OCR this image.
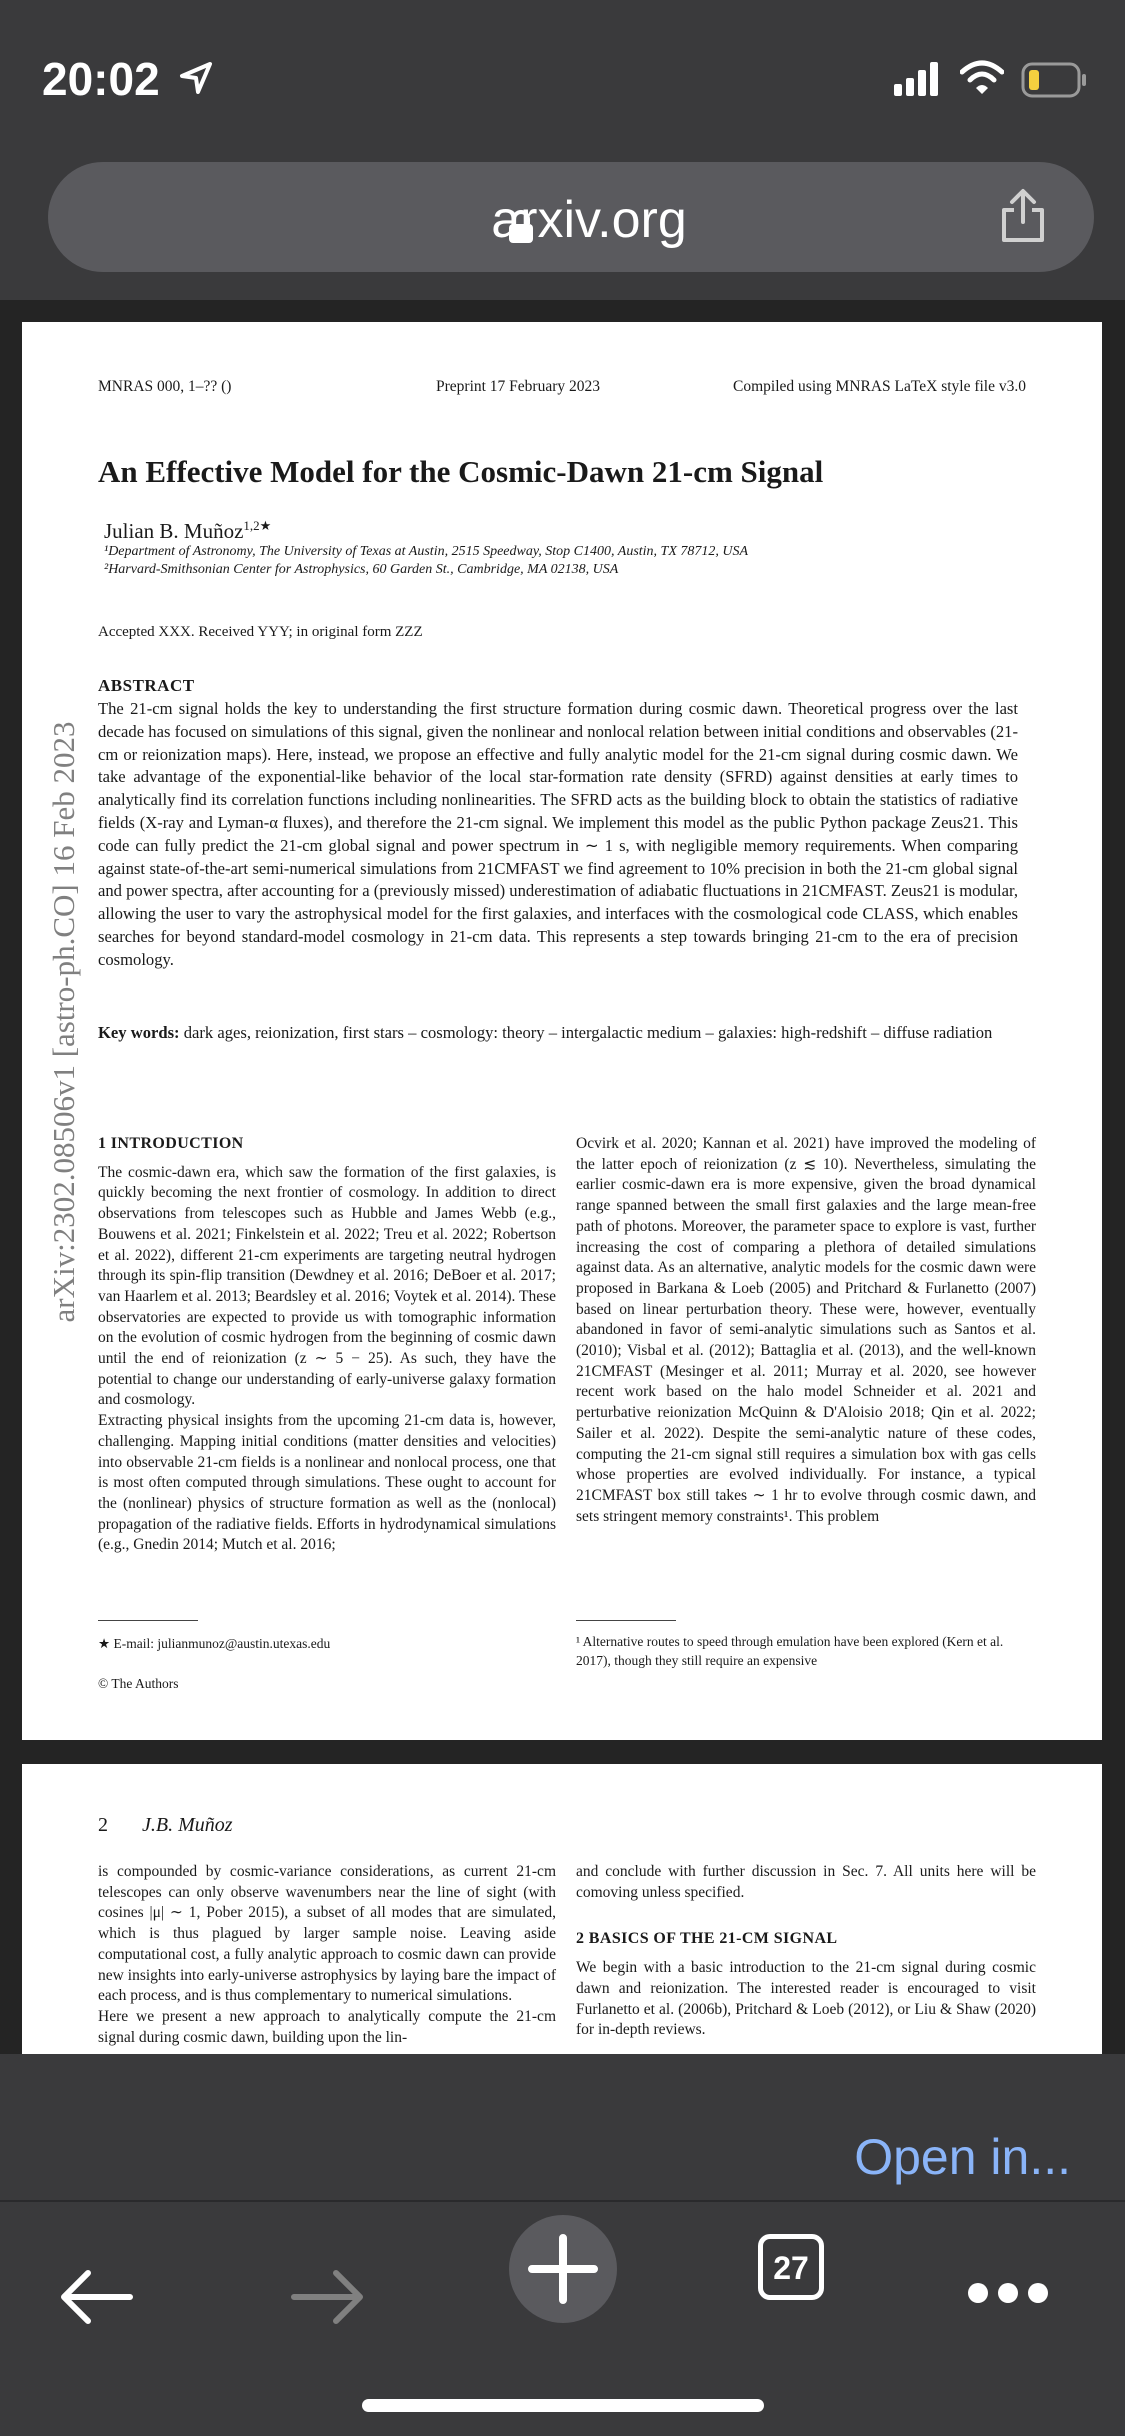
20:02
arxiv.org
arXiv:2302.08506v1 [astro-ph.CO] 16 Feb 2023
MNRAS 000, 1–?? ()	Preprint 17 February 2023	Compiled using MNRAS LaTeX style file v3.0
An Effective Model for the Cosmic-Dawn 21-cm Signal
Julian B. Muñoz$^{1,2★}$
¹Department of Astronomy, The University of Texas at Austin, 2515 Speedway, Stop C1400, Austin, TX 78712, USA
²Harvard-Smithsonian Center for Astrophysics, 60 Garden St., Cambridge, MA 02138, USA
Accepted XXX. Received YYY; in original form ZZZ
ABSTRACT
The 21-cm signal holds the key to understanding the first structure formation during cosmic dawn. Theoretical progress over the last decade has focused on simulations of this signal, given the nonlinear and nonlocal relation between initial conditions and observables (21-cm or reionization maps). Here, instead, we propose an effective and fully analytic model for the 21-cm signal during cosmic dawn. We take advantage of the exponential-like behavior of the local star-formation rate density (SFRD) against densities at early times to analytically find its correlation functions including nonlinearities. The SFRD acts as the building block to obtain the statistics of radiative fields (X-ray and Lyman-α fluxes), and therefore the 21-cm signal. We implement this model as the public Python package Zeus21. This code can fully predict the 21-cm global signal and power spectrum in ∼ 1 s, with negligible memory requirements. When comparing against state-of-the-art semi-numerical simulations from 21CMFAST we find agreement to 10% precision in both the 21-cm global signal and power spectra, after accounting for a (previously missed) underestimation of adiabatic fluctuations in 21CMFAST. Zeus21 is modular, allowing the user to vary the astrophysical model for the first galaxies, and interfaces with the cosmological code CLASS, which enables searches for beyond standard-model cosmology in 21-cm data. This represents a step towards bringing 21-cm to the era of precision cosmology.
Key words: dark ages, reionization, first stars – cosmology: theory – intergalactic medium – galaxies: high-redshift – diffuse radiation
1 INTRODUCTION
The cosmic-dawn era, which saw the formation of the first galaxies, is quickly becoming the next frontier of cosmology. In addition to direct observations from telescopes such as Hubble and James Webb (e.g., Bouwens et al. 2021; Finkelstein et al. 2022; Treu et al. 2022; Robertson et al. 2022), different 21-cm experiments are targeting neutral hydrogen through its spin-flip transition (Dewdney et al. 2016; DeBoer et al. 2017; van Haarlem et al. 2013; Beardsley et al. 2016; Voytek et al. 2014). These observatories are expected to provide us with tomographic information on the evolution of cosmic hydrogen from the beginning of cosmic dawn until the end of reionization (z ∼ 5 − 25). As such, they have the potential to change our understanding of early-universe galaxy formation and cosmology.
Extracting physical insights from the upcoming 21-cm data is, however, challenging. Mapping initial conditions (matter densities and velocities) into observable 21-cm fields is a nonlinear and nonlocal process, one that is most often computed through simulations. These ought to account for the (nonlinear) physics of structure formation as well as the (nonlocal) propagation of the radiative fields. Efforts in hydrodynamical simulations (e.g., Gnedin 2014; Mutch et al. 2016;
Ocvirk et al. 2020; Kannan et al. 2021) have improved the modeling of the latter epoch of reionization (z ≲ 10). Nevertheless, simulating the earlier cosmic-dawn era is more expensive, given the broad dynamical range spanned between the small first galaxies and the large mean-free path of photons. Moreover, the parameter space to explore is vast, further increasing the cost of comparing a plethora of detailed simulations against data. As an alternative, analytic models for the cosmic dawn were proposed in Barkana & Loeb (2005) and Pritchard & Furlanetto (2007) based on linear perturbation theory. These were, however, eventually abandoned in favor of semi-analytic simulations such as Santos et al. (2010); Visbal et al. (2012); Battaglia et al. (2013), and the well-known 21CMFAST (Mesinger et al. 2011; Murray et al. 2020, see however recent work based on the halo model Schneider et al. 2021 and perturbative reionization McQuinn & D'Aloisio 2018; Qin et al. 2022; Sailer et al. 2022). Despite the semi-analytic nature of these codes, computing the 21-cm signal still requires a simulation box with gas cells whose properties are evolved individually. For instance, a typical 21CMFAST box still takes ∼ 1 hr to evolve through cosmic dawn, and sets stringent memory constraints¹. This problem
★ E-mail: julianmunoz@austin.utexas.edu
© The Authors
¹ Alternative routes to speed through emulation have been explored (Kern et al. 2017), though they still require an expensive
2 J.B. Muñoz
is compounded by cosmic-variance considerations, as current 21-cm telescopes can only observe wavenumbers near the line of sight (with cosines |μ| ∼ 1, Pober 2015), a subset of all modes that are simulated, which is thus plagued by larger sample noise. Leaving aside computational cost, a fully analytic approach to cosmic dawn can provide new insights into early-universe astrophysics by laying bare the impact of each process, and is thus complementary to numerical simulations.
Here we present a new approach to analytically compute the 21-cm signal during cosmic dawn, building upon the lin-
and conclude with further discussion in Sec. 7. All units here will be comoving unless specified.
2 BASICS OF THE 21-CM SIGNAL
We begin with a basic introduction to the 21-cm signal during cosmic dawn and reionization. The interested reader is encouraged to visit Furlanetto et al. (2006b), Pritchard & Loeb (2012), or Liu & Shaw (2020) for in-depth reviews.
Open in...
27
